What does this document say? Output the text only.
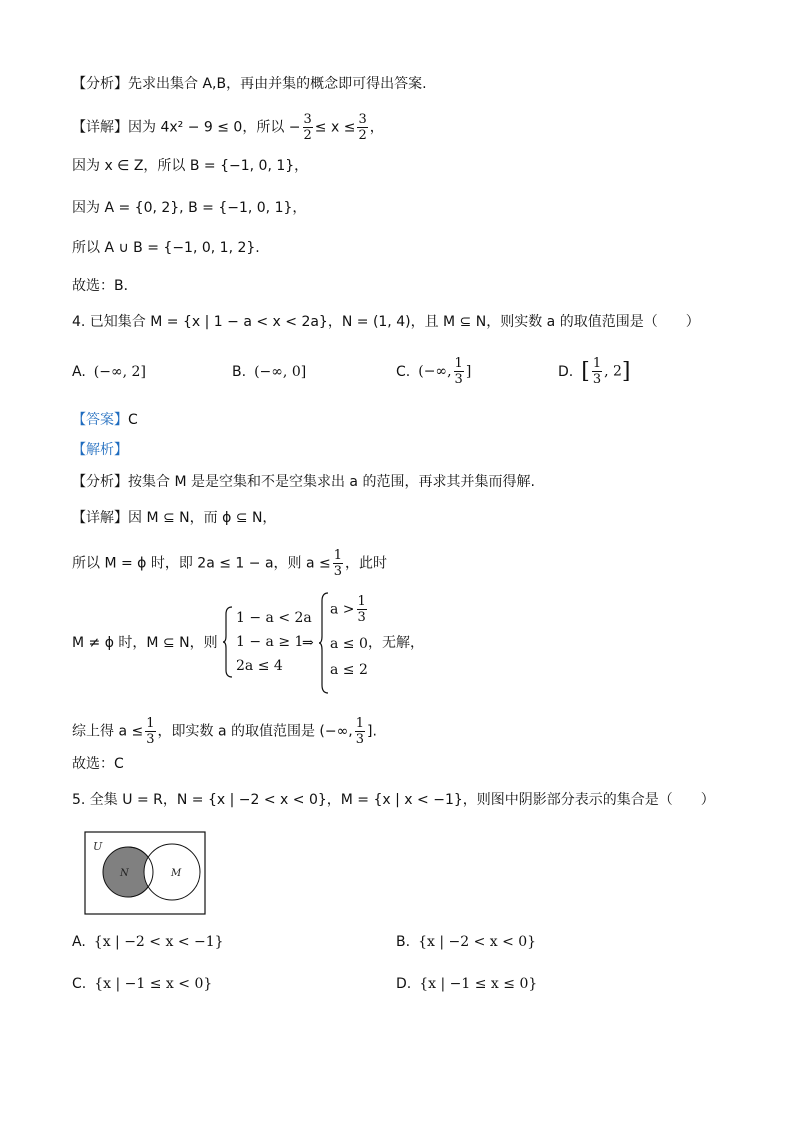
【分析】先求出集合 A,B，再由并集的概念即可得出答案.
【详解】因为 4x² − 9 ≤ 0，所以 − $\frac{3}{2} \le x \le \frac{3}{2}$ ，
因为 x ∈ Z，所以 B = {−1, 0, 1}，
因为 A = {0, 2}, B = {−1, 0, 1}，
所以 A ∪ B = {−1, 0, 1, 2}.
故选：B．
4. 已知集合 M = {x | 1 − a < x < 2a}，N = (1, 4)，且 M ⊆ N，则实数 a 的取值范围是（　　）
A. (−∞, 2]	B. (−∞, 0]	C. (−∞, $\frac{1}{3}$ ]	D. [ $\frac{1}{3}$ , 2]
【答案】C
【解析】
【分析】按集合 M 是是空集和不是空集求出 a 的范围，再求其并集而得解.
【详解】因 M ⊆ N，而 ϕ ⊆ N，
所以 M = ϕ 时，即 2a ≤ 1 − a，则 $a \le \frac{1}{3}$ ，此时
M ≠ ϕ 时，M ⊆ N，则
1 − a < 2a
1 − a ≥ 1
2a ≤ 4
⇒
$a > \frac{1}{3}$
a ≤ 0
a ≤ 2
，无解，
综上得 $a \le \frac{1}{3}$ ，即实数 a 的取值范围是 (−∞, $\frac{1}{3}$ ].
故选：C
5. 全集 U = R，N = {x | −2 < x < 0}，M = {x | x < −1}，则图中阴影部分表示的集合是（　　）
U
N	M
A. {x | −2 < x < −1}	B. {x | −2 < x < 0}
C. {x | −1 ≤ x < 0}	D. {x | −1 ≤ x ≤ 0}
